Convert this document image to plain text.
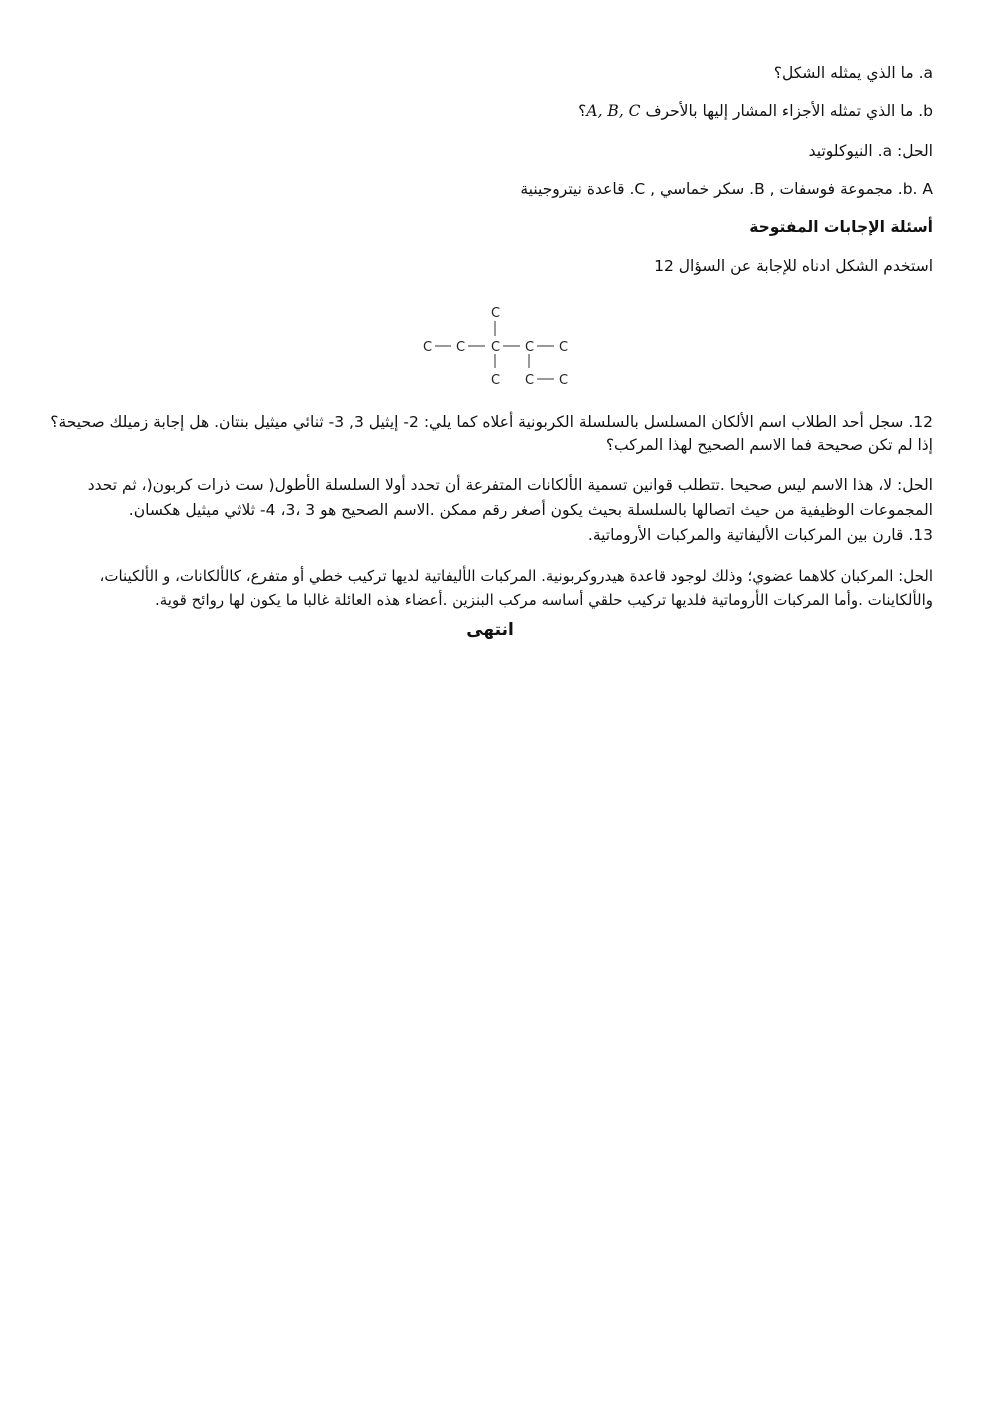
a. ما الذي يمثله الشكل؟
b. ما الذي تمثله الأجزاء المشار إليها بالأحرف A, B, C؟
الحل: a. النيوكلوتيد
b. A. مجموعة فوسفات , B. سكر خماسي , C. قاعدة نيتروجينية
أسئلة الإجابات المفتوحة
استخدم الشكل ادناه للإجابة عن السؤال 12
C
C C C C C
C C C
12. سجل أحد الطلاب اسم الألكان المسلسل بالسلسلة الكربونية أعلاه كما يلي: 2- إيثيل 3, 3- ثنائي ميثيل بنتان. هل إجابة زميلك صحيحة؟
إذا لم تكن صحيحة فما الاسم الصحيح لهذا المركب؟
الحل: لا، هذا الاسم ليس صحيحا .تتطلب قوانين تسمية الألكانات المتفرعة أن تحدد أولا السلسلة الأطول( ست ذرات كربون(، ثم تحدد
المجموعات الوظيفية من حيث اتصالها بالسلسلة بحيث يكون أصغر رقم ممكن .الاسم الصحيح هو 3 ،3، 4- ثلاثي ميثيل هكسان.
13. قارن بين المركبات الأليفاتية والمركبات الأروماتية.
الحل: المركبان كلاهما عضوي؛ وذلك لوجود قاعدة هيدروكربونية. المركبات الأليفاتية لديها تركيب خطي أو متفرع، كالألكانات، و الألكينات،
والألكاينات .وأما المركبات الأروماتية فلديها تركيب حلقي أساسه مركب البنزين .أعضاء هذه العائلة غالبا ما يكون لها روائح قوية.
انتهى
